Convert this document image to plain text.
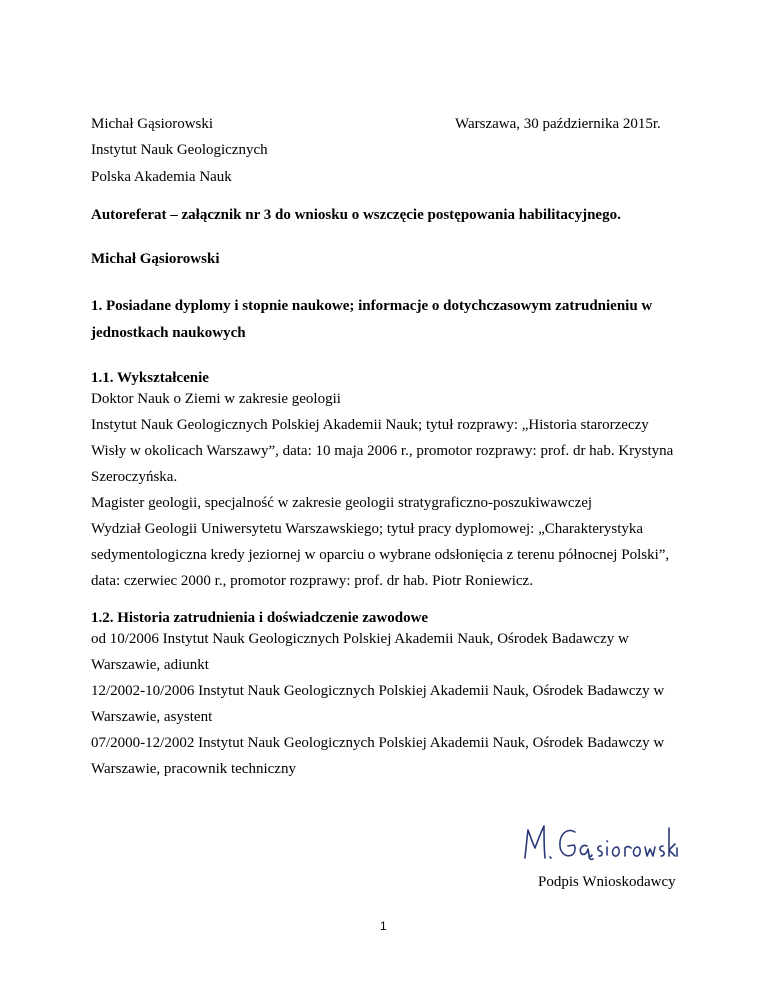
Michał Gąsiorowski	Warszawa, 30 października 2015r.
Instytut Nauk Geologicznych
Polska Akademia Nauk
Autoreferat – załącznik nr 3 do wniosku o wszczęcie postępowania habilitacyjnego.
Michał Gąsiorowski
1. Posiadane dyplomy i stopnie naukowe; informacje o dotychczasowym zatrudnieniu w
jednostkach naukowych
1.1. Wykształcenie
Doktor Nauk o Ziemi w zakresie geologii
Instytut Nauk Geologicznych Polskiej Akademii Nauk; tytuł rozprawy: „Historia starorzeczy
Wisły w okolicach Warszawy”, data: 10 maja 2006 r., promotor rozprawy: prof. dr hab. Krystyna
Szeroczyńska.
Magister geologii, specjalność w zakresie geologii stratygraficzno-poszukiwawczej
Wydział Geologii Uniwersytetu Warszawskiego; tytuł pracy dyplomowej: „Charakterystyka
sedymentologiczna kredy jeziornej w oparciu o wybrane odsłonięcia z terenu północnej Polski”,
data: czerwiec 2000 r., promotor rozprawy: prof. dr hab. Piotr Roniewicz.
1.2. Historia zatrudnienia i doświadczenie zawodowe
od 10/2006 Instytut Nauk Geologicznych Polskiej Akademii Nauk, Ośrodek Badawczy w
Warszawie, adiunkt
12/2002-10/2006 Instytut Nauk Geologicznych Polskiej Akademii Nauk, Ośrodek Badawczy w
Warszawie, asystent
07/2000-12/2002 Instytut Nauk Geologicznych Polskiej Akademii Nauk, Ośrodek Badawczy w
Warszawie, pracownik techniczny
Podpis Wnioskodawcy
1
